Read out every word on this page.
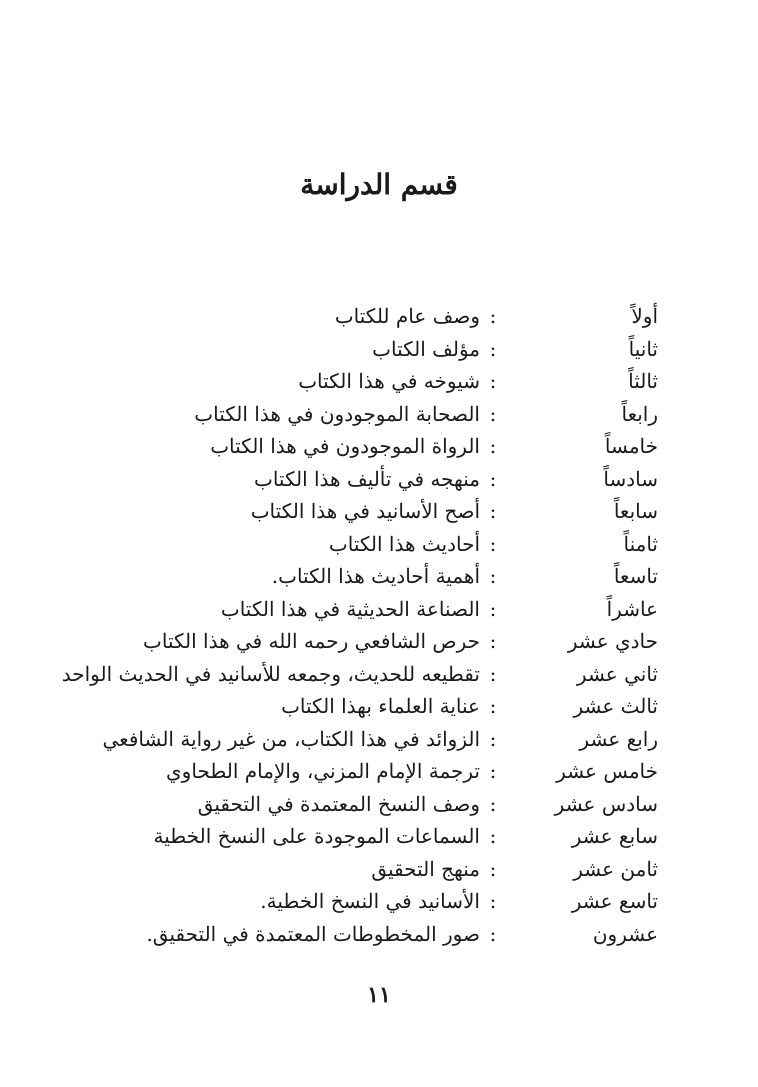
قسم الدراسة
أولاً
:
وصف عام للكتاب
ثانياً
:
مؤلف الكتاب
ثالثاً
:
شيوخه في هذا الكتاب
رابعاً
:
الصحابة الموجودون في هذا الكتاب
خامساً
:
الرواة الموجودون في هذا الكتاب
سادساً
:
منهجه في تأليف هذا الكتاب
سابعاً
:
أصح الأسانيد في هذا الكتاب
ثامناً
:
أحاديث هذا الكتاب
تاسعاً
:
أهمية أحاديث هذا الكتاب.
عاشراً
:
الصناعة الحديثية في هذا الكتاب
حادي عشر
:
حرص الشافعي رحمه الله في هذا الكتاب
ثاني عشر
:
تقطيعه للحديث، وجمعه للأسانيد في الحديث الواحد
ثالث عشر
:
عناية العلماء بهذا الكتاب
رابع عشر
:
الزوائد في هذا الكتاب، من غير رواية الشافعي
خامس عشر
:
ترجمة الإمام المزني، والإمام الطحاوي
سادس عشر
:
وصف النسخ المعتمدة في التحقيق
سابع عشر
:
السماعات الموجودة على النسخ الخطية
ثامن عشر
:
منهج التحقيق
تاسع عشر
:
الأسانيد في النسخ الخطية.
عشرون
:
صور المخطوطات المعتمدة في التحقيق.
١١
